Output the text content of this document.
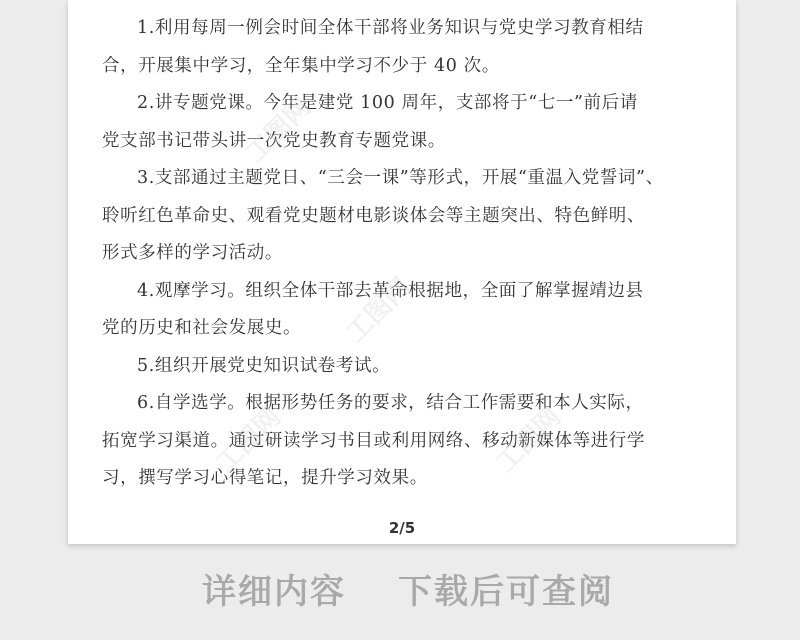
1.利用每周一例会时间全体干部将业务知识与党史学习教育相结
合，开展集中学习，全年集中学习不少于 40 次。

2.讲专题党课。今年是建党 100 周年，支部将于“七一”前后请
党支部书记带头讲一次党史教育专题党课。

3.支部通过主题党日、“三会一课”等形式，开展“重温入党誓词”、
聆听红色革命史、观看党史题材电影谈体会等主题突出、特色鲜明、
形式多样的学习活动。

4.观摩学习。组织全体干部去革命根据地，全面了解掌握靖边县
党的历史和社会发展史。

5.组织开展党史知识试卷考试。

6.自学选学。根据形势任务的要求，结合工作需要和本人实际，
拓宽学习渠道。通过研读学习书目或利用网络、移动新媒体等进行学
习，撰写学习心得笔记，提升学习效果。

工图网
工图网
工图网	工图网
2/5
详细内容 下载后可查阅
